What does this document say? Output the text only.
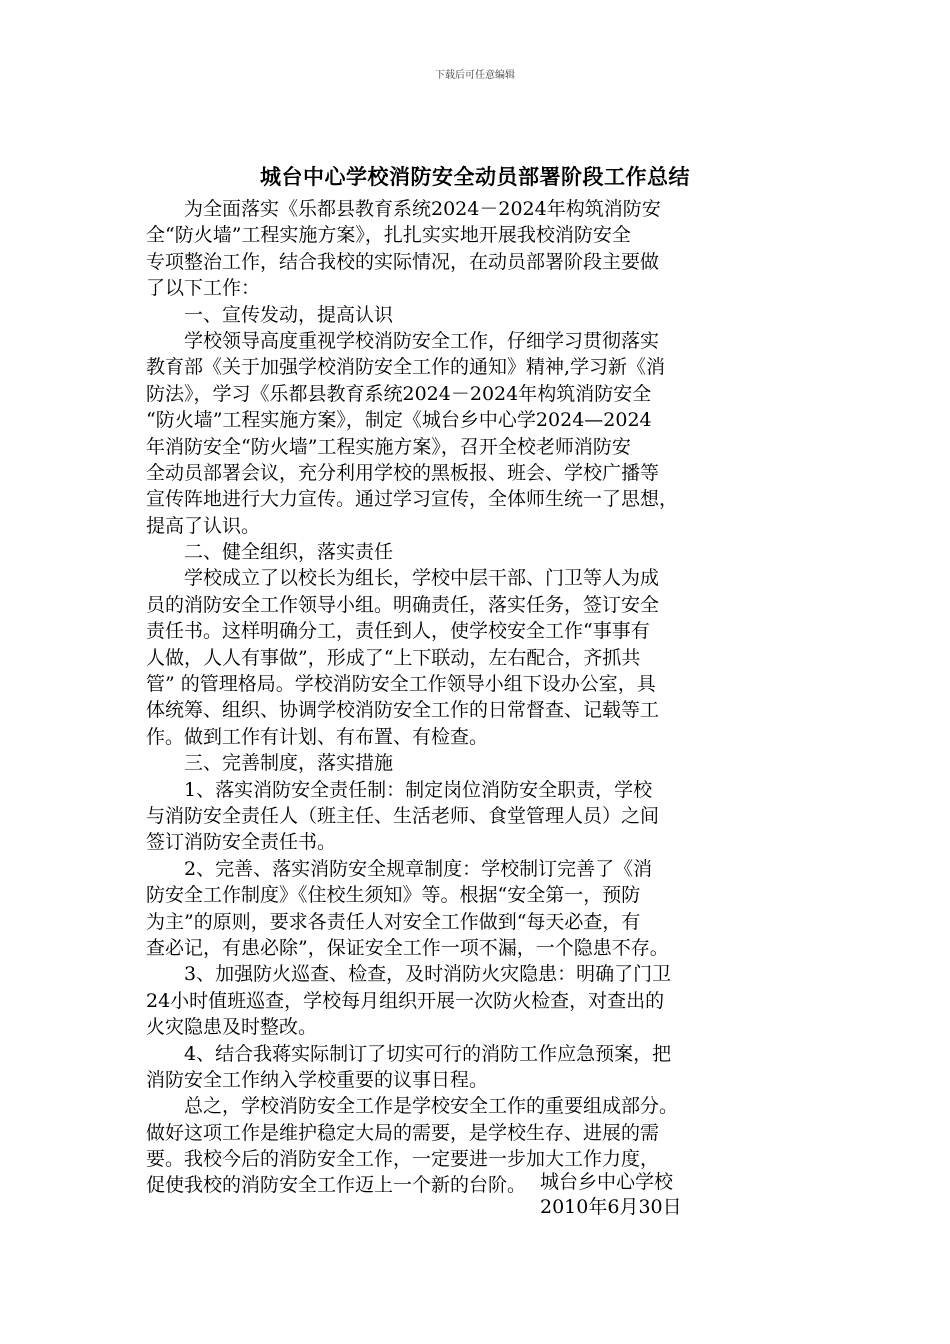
下载后可任意编辑
城台中心学校消防安全动员部署阶段工作总结
　　为全面落实《乐都县教育系统2024－2024年构筑消防安
全“防火墙”工程实施方案》，扎扎实实地开展我校消防安全
专项整治工作，结合我校的实际情况，在动员部署阶段主要做
了以下工作：
　　一、宣传发动，提高认识
　　学校领导高度重视学校消防安全工作，仔细学习贯彻落实
教育部《关于加强学校消防安全工作的通知》精神,学习新《消
防法》，学习《乐都县教育系统2024－2024年构筑消防安全
“防火墙”工程实施方案》，制定《城台乡中心学2024—2024
年消防安全“防火墙”工程实施方案》，召开全校老师消防安
全动员部署会议，充分利用学校的黑板报、班会、学校广播等
宣传阵地进行大力宣传。通过学习宣传，全体师生统一了思想，
提高了认识。
　　二、健全组织，落实责任
　　学校成立了以校长为组长，学校中层干部、门卫等人为成
员的消防安全工作领导小组。明确责任，落实任务，签订安全
责任书。这样明确分工，责任到人，使学校安全工作“事事有
人做，人人有事做”，形成了“上下联动，左右配合，齐抓共
管” 的管理格局。学校消防安全工作领导小组下设办公室，具
体统筹、组织、协调学校消防安全工作的日常督查、记载等工
作。做到工作有计划、有布置、有检查。
　　三、完善制度，落实措施
　　1、落实消防安全责任制：制定岗位消防安全职责，学校
与消防安全责任人（班主任、生活老师、食堂管理人员）之间
签订消防安全责任书。
　　2、完善、落实消防安全规章制度：学校制订完善了《消
防安全工作制度》《住校生须知》等。根据“安全第一，预防
为主”的原则，要求各责任人对安全工作做到“每天必查，有
查必记，有患必除”，保证安全工作一项不漏，一个隐患不存。
　　3、加强防火巡查、检查，及时消防火灾隐患：明确了门卫
24小时值班巡查，学校每月组织开展一次防火检查，对查出的
火灾隐患及时整改。
　　4、结合我蒋实际制订了切实可行的消防工作应急预案，把
消防安全工作纳入学校重要的议事日程。
　　总之，学校消防安全工作是学校安全工作的重要组成部分。
做好这项工作是维护稳定大局的需要，是学校生存、进展的需
要。我校今后的消防安全工作，一定要进一步加大工作力度，
促使我校的消防安全工作迈上一个新的台阶。 城台乡中心学校
2010年6月30日
